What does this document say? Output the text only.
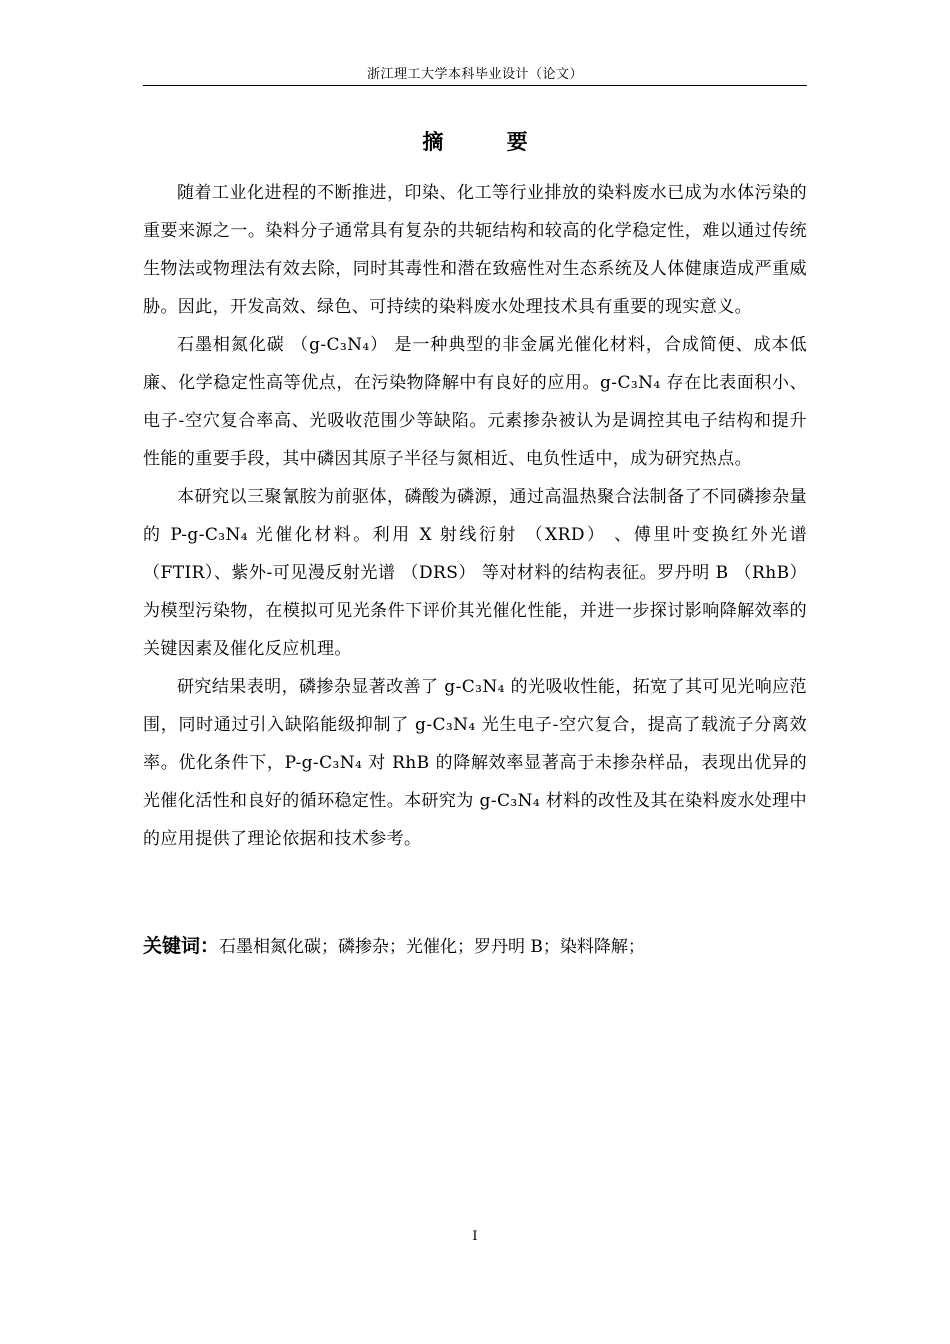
浙江理工大学本科毕业设计（论文）
摘 要

随着工业化进程的不断推进，印染、化工等行业排放的染料废水已成为水体污染的重要来源之一。染料分子通常具有复杂的共轭结构和较高的化学稳定性，难以通过传统生物法或物理法有效去除，同时其毒性和潜在致癌性对生态系统及人体健康造成严重威胁。因此，开发高效、绿色、可持续的染料废水处理技术具有重要的现实意义。

石墨相氮化碳 （g-C₃N₄） 是一种典型的非金属光催化材料，合成简便、成本低廉、化学稳定性高等优点，在污染物降解中有良好的应用。g-C₃N₄ 存在比表面积小、电子-空穴复合率高、光吸收范围少等缺陷。元素掺杂被认为是调控其电子结构和提升性能的重要手段，其中磷因其原子半径与氮相近、电负性适中，成为研究热点。

本研究以三聚氰胺为前驱体，磷酸为磷源，通过高温热聚合法制备了不同磷掺杂量的 P-g-C₃N₄ 光催化材料。利用 X 射线衍射 （XRD） 、傅里叶变换红外光谱 （FTIR）、紫外-可见漫反射光谱 （DRS） 等对材料的结构表征。罗丹明 B （RhB） 为模型污染物，在模拟可见光条件下评价其光催化性能，并进一步探讨影响降解效率的关键因素及催化反应机理。

研究结果表明，磷掺杂显著改善了 g-C₃N₄ 的光吸收性能，拓宽了其可见光响应范围，同时通过引入缺陷能级抑制了 g-C₃N₄ 光生电子-空穴复合，提高了载流子分离效率。优化条件下，P-g-C₃N₄ 对 RhB 的降解效率显著高于未掺杂样品，表现出优异的光催化活性和良好的循环稳定性。本研究为 g-C₃N₄ 材料的改性及其在染料废水处理中的应用提供了理论依据和技术参考。

关键词：石墨相氮化碳；磷掺杂；光催化；罗丹明 B；染料降解；
I
